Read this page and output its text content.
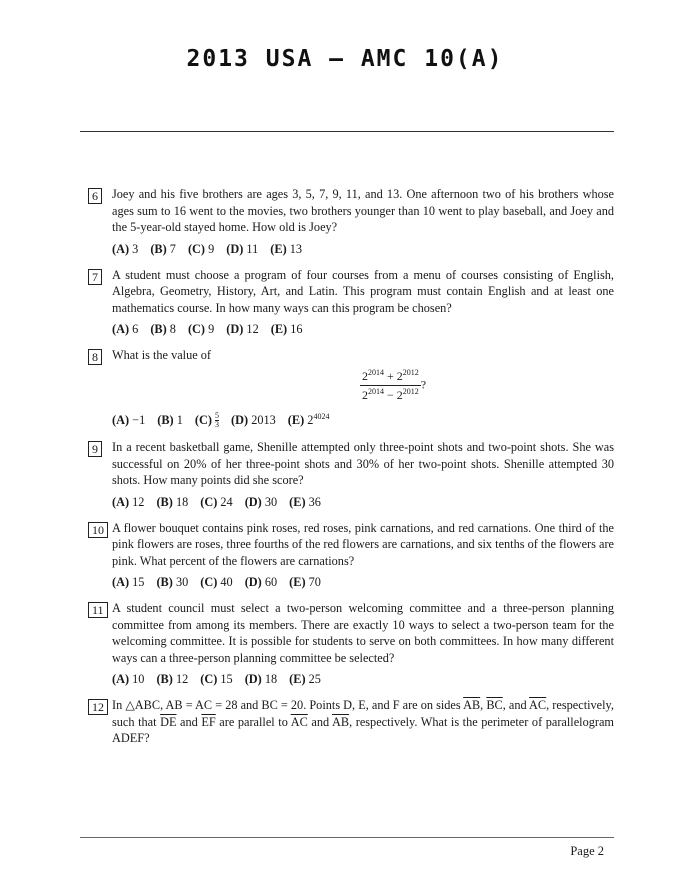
2013 USA – AMC 10(A)
6	Joey and his five brothers are ages 3, 5, 7, 9, 11, and 13. One afternoon two of his brothers whose ages sum to 16 went to the movies, two brothers younger than 10 went to play baseball, and Joey and the 5-year-old stayed home. How old is Joey?
(A) 3 (B) 7 (C) 9 (D) 11 (E) 13
7	A student must choose a program of four courses from a menu of courses consisting of English, Algebra, Geometry, History, Art, and Latin. This program must contain English and at least one mathematics course. In how many ways can this program be chosen?
(A) 6 (B) 8 (C) 9 (D) 12 (E) 16
8	What is the value of
$\frac{2^{2014} + 2^{2012}}{2^{2014} - 2^{2012}}$ ?
(A) −1 (B) 1 $(C) \frac{5}{3} (D)$ 2013 (E) $2^{4024}$
9	In a recent basketball game, Shenille attempted only three-point shots and two-point shots. She was successful on 20% of her three-point shots and 30% of her two-point shots. Shenille attempted 30 shots. How many points did she score?
(A) 12 (B) 18 (C) 24 (D) 30 (E) 36
10 A flower bouquet contains pink roses, red roses, pink carnations, and red carnations. One third of the pink flowers are roses, three fourths of the red flowers are carnations, and six tenths of the flowers are pink. What percent of the flowers are carnations?
(A) 15 (B) 30 (C) 40 (D) 60 (E) 70
11 A student council must select a two-person welcoming committee and a three-person planning committee from among its members. There are exactly 10 ways to select a two-person team for the welcoming committee. It is possible for students to serve on both committees. In how many different ways can a three-person planning committee be selected?
(A) 10 (B) 12 (C) 15 (D) 18 (E) 25
12 In △ABC, AB = AC = 28 and BC = 20. Points D, E, and F are on sides $\overline{AB}$, $\overline{BC}$, and $\overline{AC}$, respectively, such that $\overline{DE}$ and $\overline{EF}$ are parallel to $\overline{AC}$ and $\overline{AB}$, respectively. What is the perimeter of parallelogram ADEF?
Page 2
